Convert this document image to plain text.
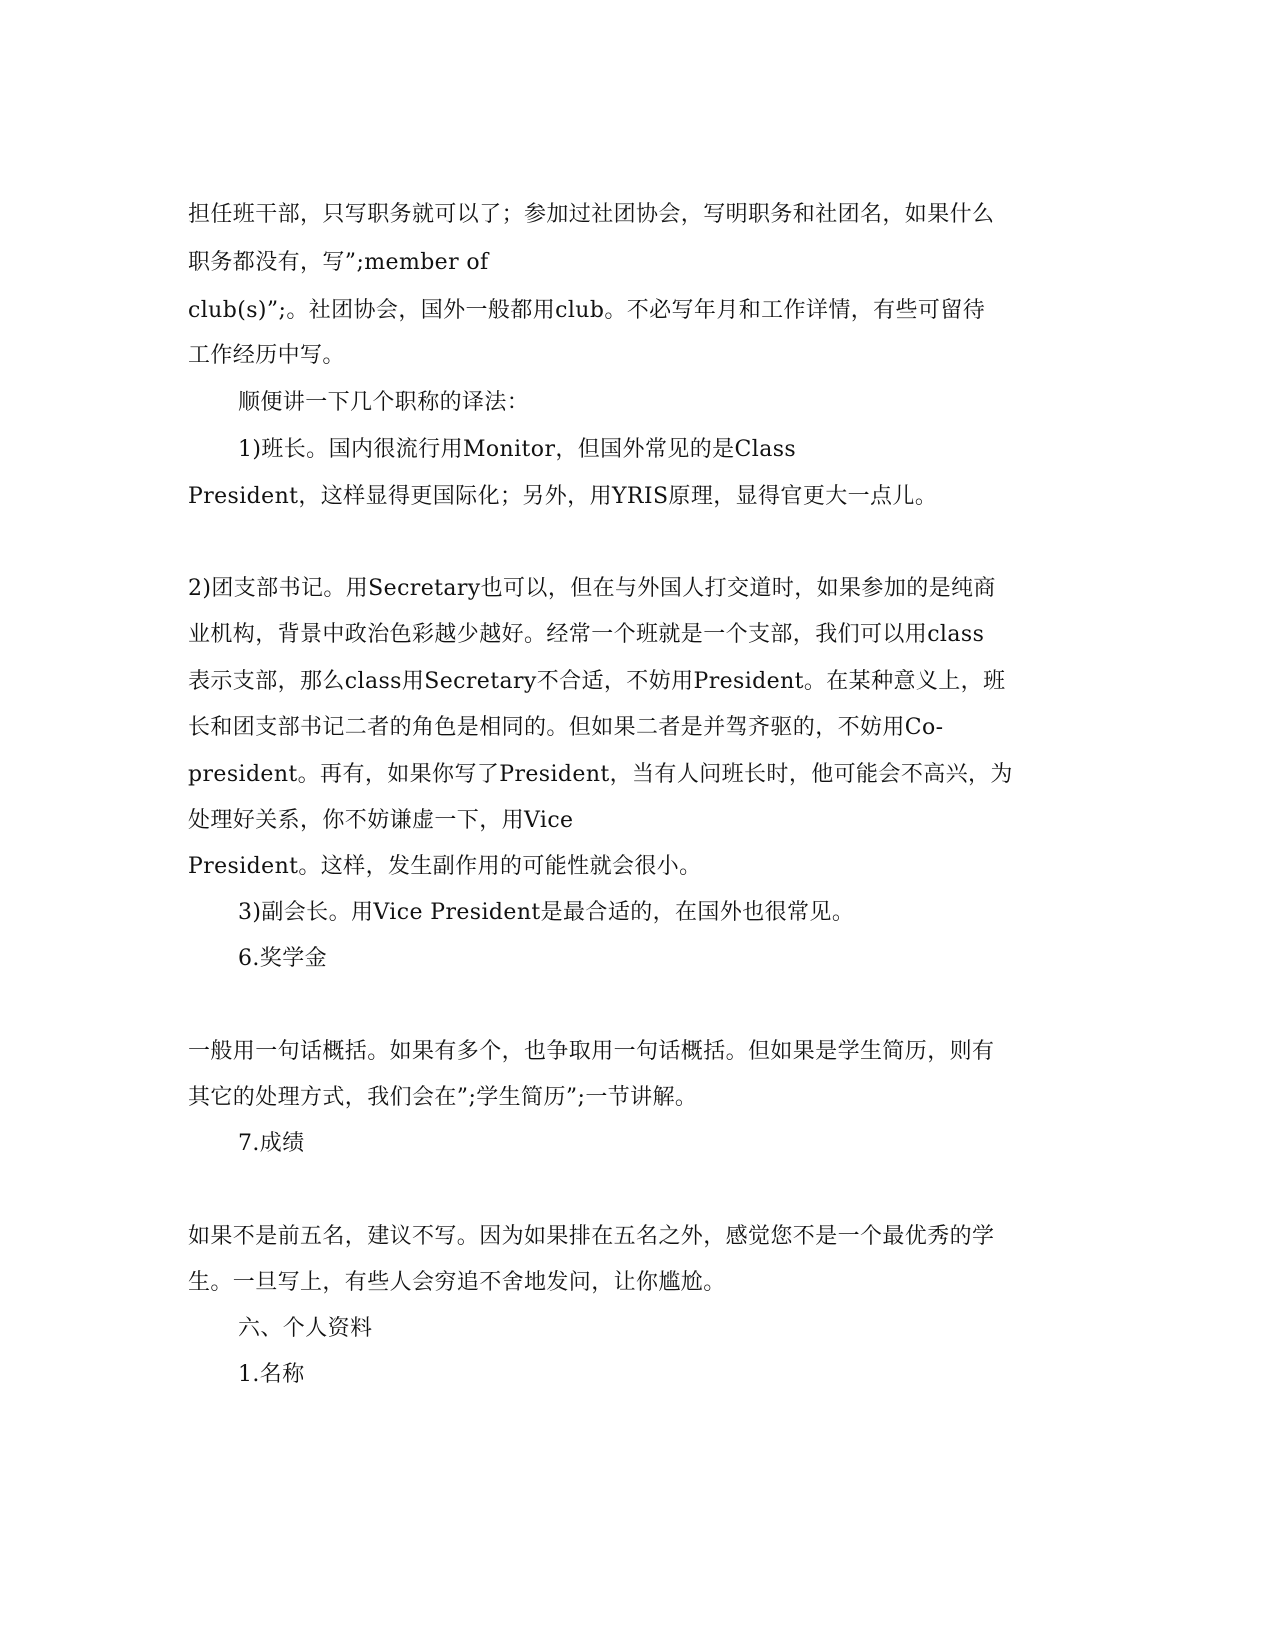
担任班干部，只写职务就可以了；参加过社团协会，写明职务和社团名，如果什么
职务都没有，写”;member of
club(s)”;。社团协会，国外一般都用club。不必写年月和工作详情，有些可留待
工作经历中写。
顺便讲一下几个职称的译法：
1)班长。国内很流行用Monitor，但国外常见的是Class
President，这样显得更国际化；另外，用YRIS原理，显得官更大一点儿。
2)团支部书记。用Secretary也可以，但在与外国人打交道时，如果参加的是纯商
业机构，背景中政治色彩越少越好。经常一个班就是一个支部，我们可以用class
表示支部，那么class用Secretary不合适，不妨用President。在某种意义上，班
长和团支部书记二者的角色是相同的。但如果二者是并驾齐驱的，不妨用Co-
president。再有，如果你写了President，当有人问班长时，他可能会不高兴，为
处理好关系，你不妨谦虚一下，用Vice
President。这样，发生副作用的可能性就会很小。
3)副会长。用Vice President是最合适的，在国外也很常见。
6.奖学金
一般用一句话概括。如果有多个，也争取用一句话概括。但如果是学生简历，则有
其它的处理方式，我们会在”;学生简历”;一节讲解。
7.成绩
如果不是前五名，建议不写。因为如果排在五名之外，感觉您不是一个最优秀的学
生。一旦写上，有些人会穷追不舍地发问，让你尴尬。
六、个人资料
1.名称
